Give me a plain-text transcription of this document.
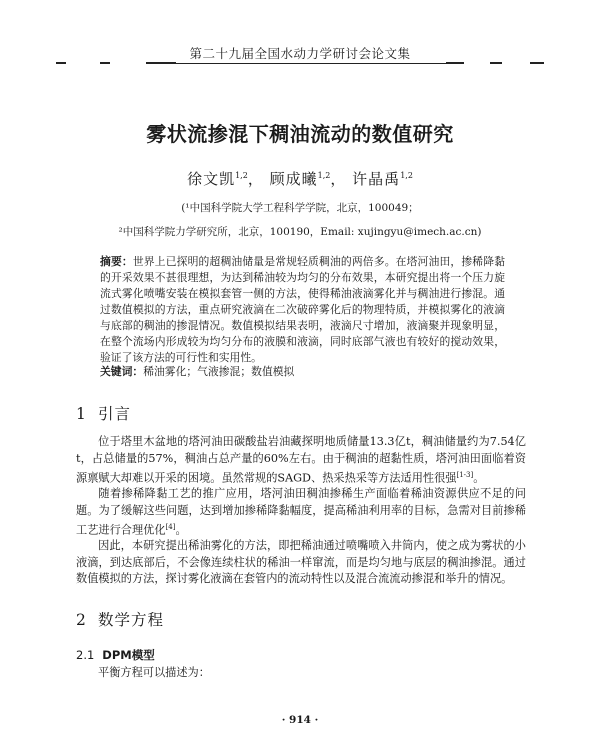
第二十九届全国水动力学研讨会论文集
雾状流掺混下稠油流动的数值研究
徐文凯$^{1,2}$， 顾成曦$^{1,2}$， 许晶禹$^{1,2}$
(¹中国科学院大学工程科学学院，北京，100049；
²中国科学院力学研究所，北京，100190，Email: xujingyu@imech.ac.cn)
摘要：世界上已探明的超稠油储量是常规轻质稠油的两倍多。在塔河油田，掺稀降黏的开采效果不甚很理想，为达到稀油较为均匀的分布效果，本研究提出将一个压力旋流式雾化喷嘴安装在模拟套管一侧的方法，使得稀油液滴雾化并与稠油进行掺混。通过数值模拟的方法，重点研究液滴在二次破碎雾化后的物理特质，并模拟雾化的液滴与底部的稠油的掺混情况。数值模拟结果表明，液滴尺寸增加，液滴聚并现象明显，在整个流场内形成较为均匀分布的液膜和液滴，同时底部气液也有较好的搅动效果，验证了该方法的可行性和实用性。
关键词：稀油雾化；气液掺混；数值模拟
1 引言
位于塔里木盆地的塔河油田碳酸盐岩油藏探明地质储量13.3亿t，稠油储量约为7.54亿t，占总储量的57%，稠油占总产量的60%左右。由于稠油的超黏性质，塔河油田面临着资源禀赋大却难以开采的困境。虽然常规的SAGD、热采热采等方法适用性很强[1-3]。
随着掺稀降黏工艺的推广应用，塔河油田稠油掺稀生产面临着稀油资源供应不足的问题。为了缓解这些问题，达到增加掺稀降黏幅度，提高稀油利用率的目标，急需对目前掺稀工艺进行合理优化[4]。
因此，本研究提出稀油雾化的方法，即把稀油通过喷嘴喷入井筒内，使之成为雾状的小液滴，到达底部后，不会像连续柱状的稀油一样窜流，而是均匀地与底层的稠油掺混。通过数值模拟的方法，探讨雾化液滴在套管内的流动特性以及混合流流动掺混和举升的情况。
2 数学方程
2.1 DPM模型
平衡方程可以描述为：
· 914 ·
